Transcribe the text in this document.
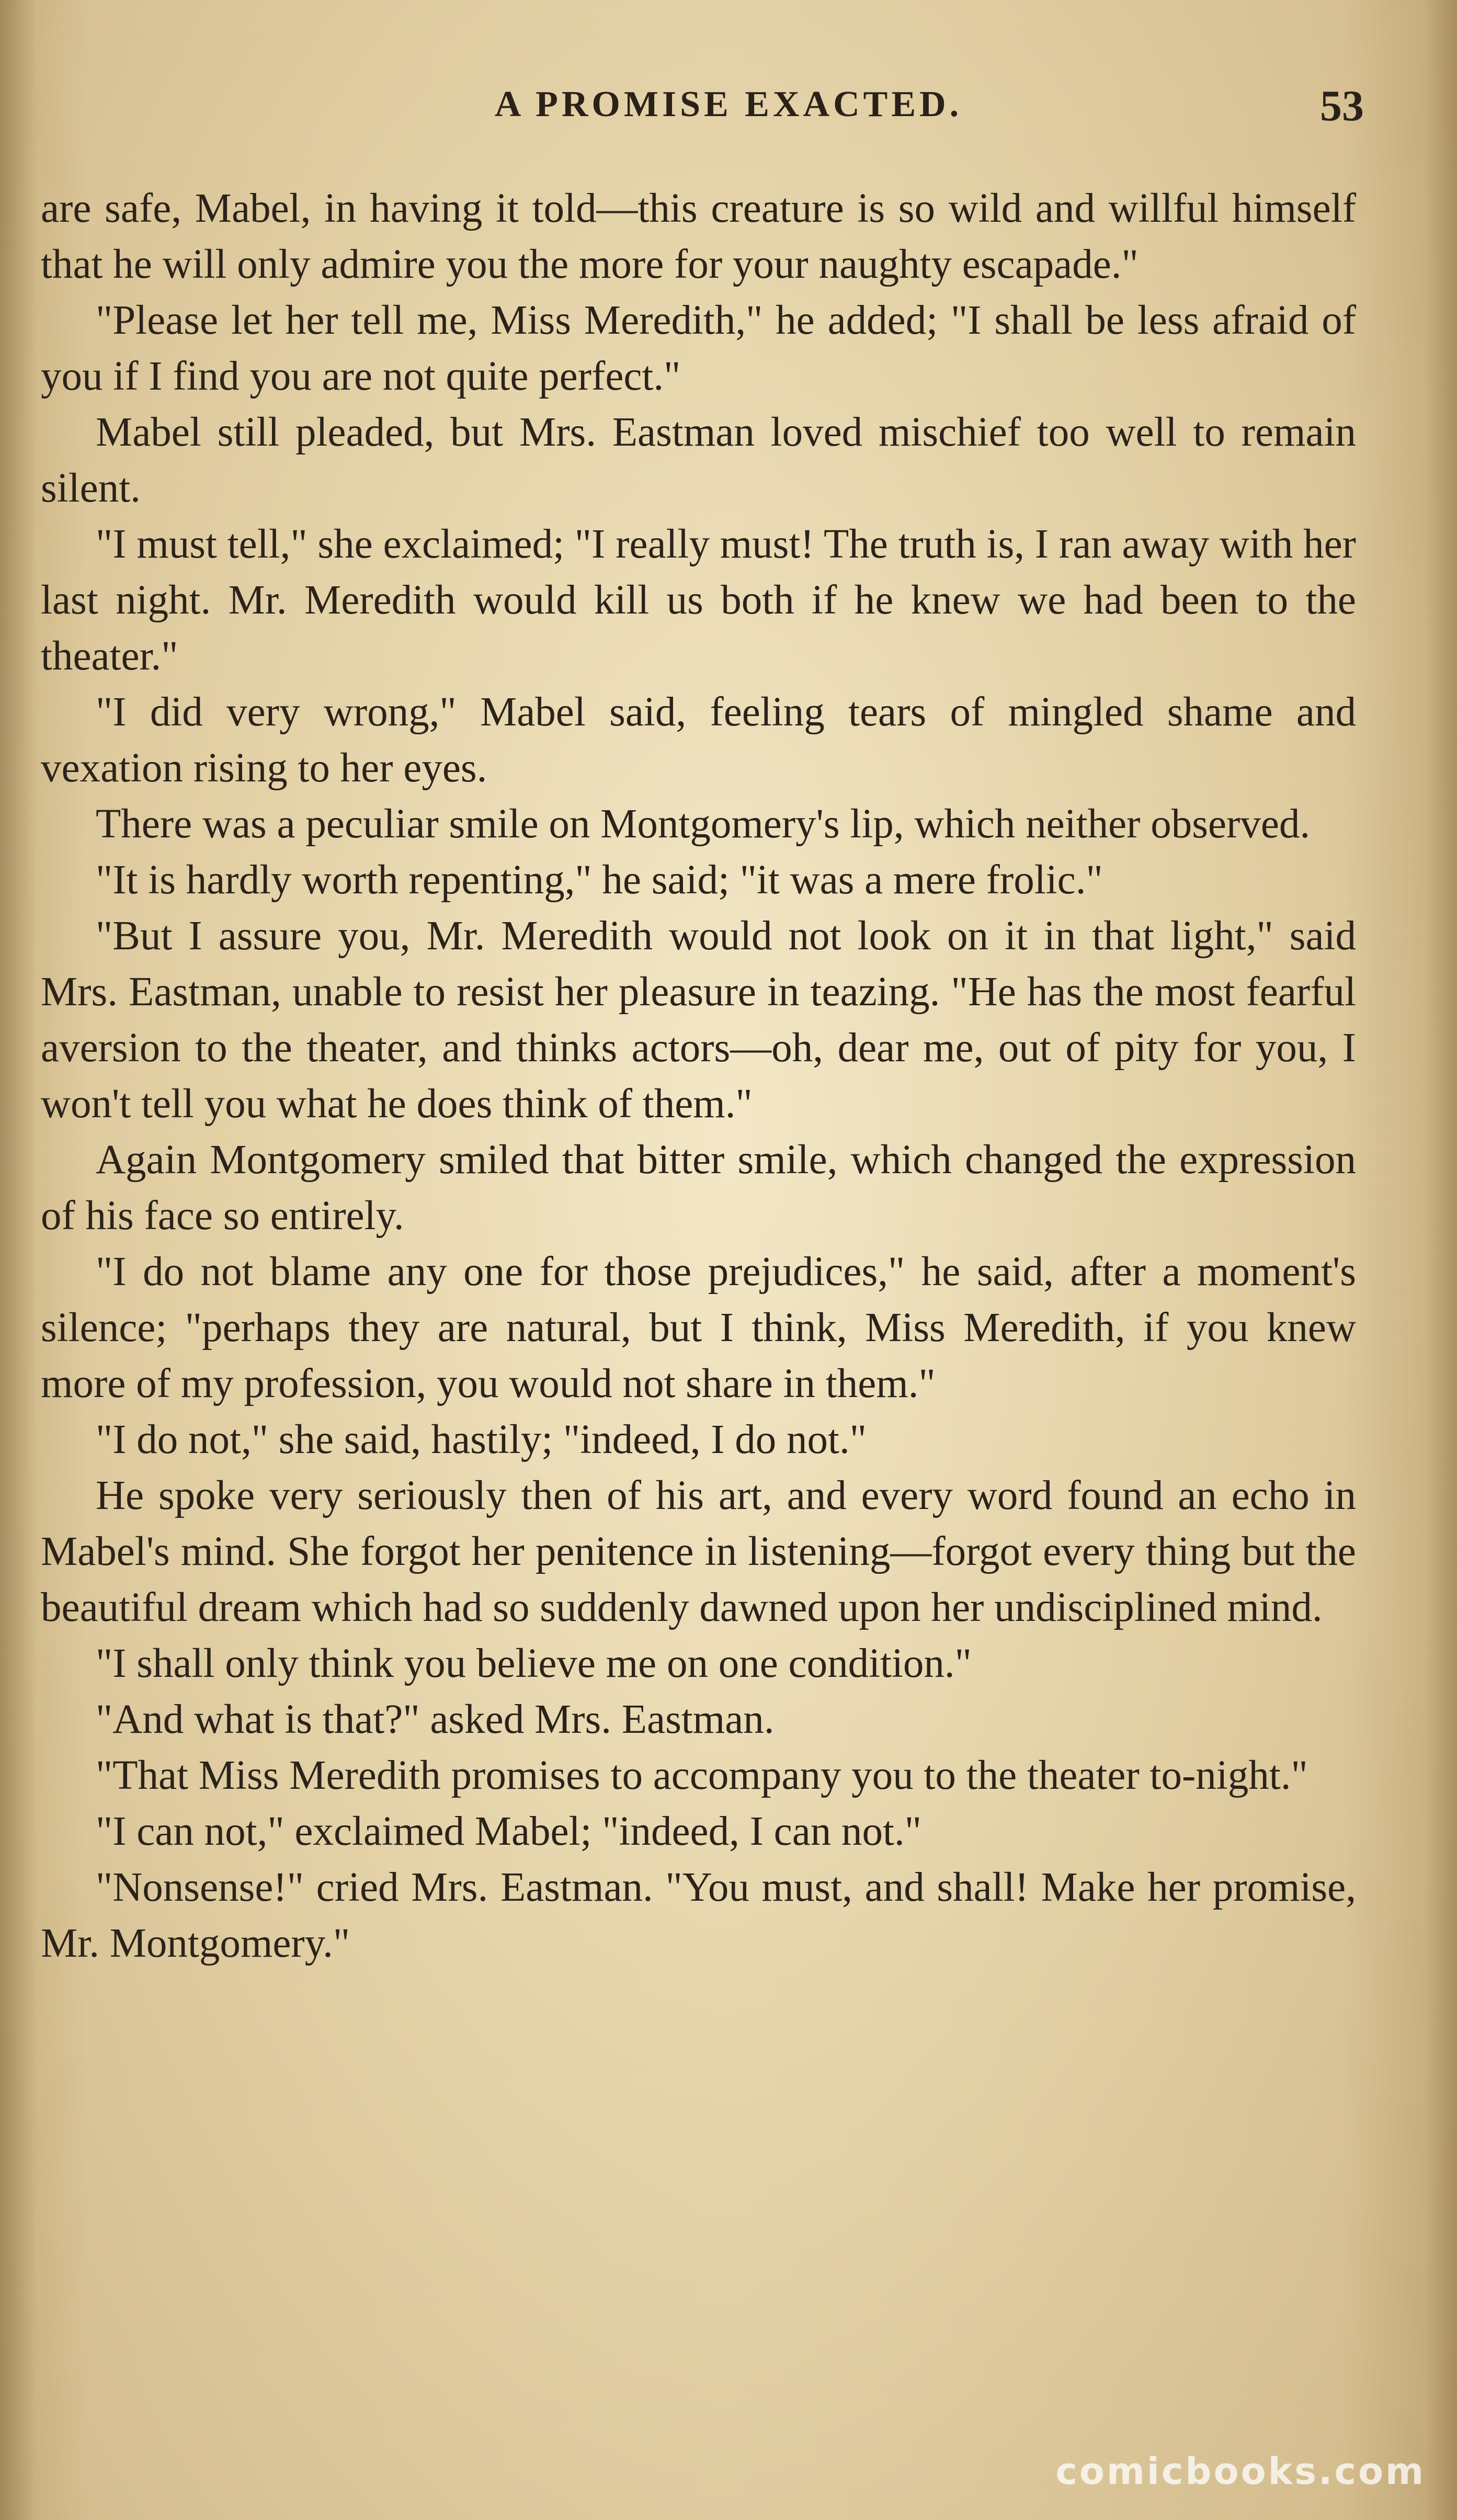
A PROMISE EXACTED.	53

are safe, Mabel, in having it told—this creature is so wild and willful himself that he will only admire you the more for your naughty escapade."

"Please let her tell me, Miss Meredith," he added; "I shall be less afraid of you if I find you are not quite perfect."

Mabel still pleaded, but Mrs. Eastman loved mischief too well to remain silent.

"I must tell," she exclaimed; "I really must! The truth is, I ran away with her last night. Mr. Meredith would kill us both if he knew we had been to the theater."

"I did very wrong," Mabel said, feeling tears of mingled shame and vexation rising to her eyes.

There was a peculiar smile on Montgomery's lip, which neither observed.

"It is hardly worth repenting," he said; "it was a mere frolic."

"But I assure you, Mr. Meredith would not look on it in that light," said Mrs. Eastman, unable to resist her pleasure in teazing. "He has the most fearful aversion to the theater, and thinks actors—oh, dear me, out of pity for you, I won't tell you what he does think of them."

Again Montgomery smiled that bitter smile, which changed the expression of his face so entirely.

"I do not blame any one for those prejudices," he said, after a moment's silence; "perhaps they are natural, but I think, Miss Meredith, if you knew more of my profession, you would not share in them."

"I do not," she said, hastily; "indeed, I do not."

He spoke very seriously then of his art, and every word found an echo in Mabel's mind. She forgot her penitence in listening—forgot every thing but the beautiful dream which had so suddenly dawned upon her undisciplined mind.

"I shall only think you believe me on one condition."

"And what is that?" asked Mrs. Eastman.

"That Miss Meredith promises to accompany you to the theater to-night."

"I can not," exclaimed Mabel; "indeed, I can not."

"Nonsense!" cried Mrs. Eastman. "You must, and shall! Make her promise, Mr. Montgomery."

comicbooks.com
